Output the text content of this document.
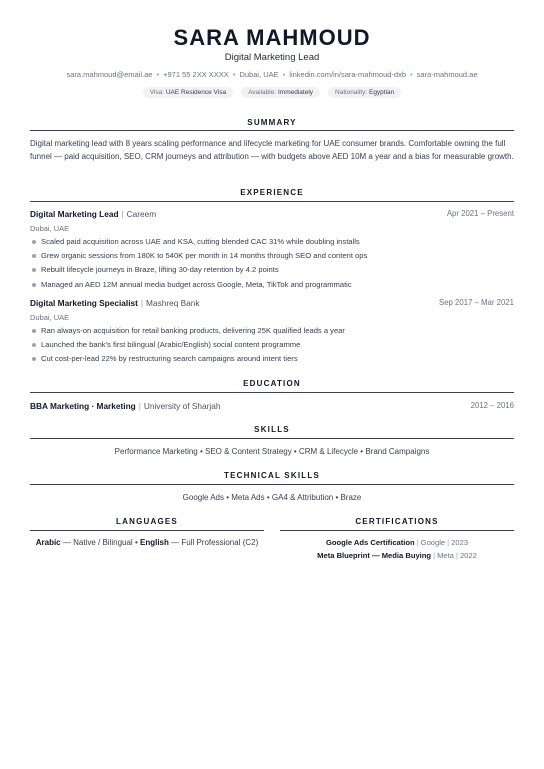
SARA MAHMOUD
Digital Marketing Lead
sara.mahmoud@email.ae • +971 55 2XX XXXX • Dubai, UAE • linkedin.com/in/sara-mahmoud-dxb • sara-mahmoud.ae
Visa: UAE Residence Visa	Available: Immediately	Nationality: Egyptian
SUMMARY
Digital marketing lead with 8 years scaling performance and lifecycle marketing for UAE consumer brands. Comfortable owning the full funnel — paid acquisition, SEO, CRM journeys and attribution — with budgets above AED 10M a year and a bias for measurable growth.
EXPERIENCE
Digital Marketing Lead | Careem	Apr 2021 – Present
Dubai, UAE
Scaled paid acquisition across UAE and KSA, cutting blended CAC 31% while doubling installs
Grew organic sessions from 180K to 540K per month in 14 months through SEO and content ops
Rebuilt lifecycle journeys in Braze, lifting 30-day retention by 4.2 points
Managed an AED 12M annual media budget across Google, Meta, TikTok and programmatic
Digital Marketing Specialist | Mashreq Bank	Sep 2017 – Mar 2021
Dubai, UAE
Ran always-on acquisition for retail banking products, delivering 25K qualified leads a year
Launched the bank's first bilingual (Arabic/English) social content programme
Cut cost-per-lead 22% by restructuring search campaigns around intent tiers
EDUCATION
BBA Marketing · Marketing | University of Sharjah	2012 – 2016
SKILLS
Performance Marketing • SEO & Content Strategy • CRM & Lifecycle • Brand Campaigns
TECHNICAL SKILLS
Google Ads • Meta Ads • GA4 & Attribution • Braze
LANGUAGES
Arabic — Native / Bilingual • English — Full Professional (C2)
CERTIFICATIONS
Google Ads Certification | Google | 2023
Meta Blueprint — Media Buying | Meta | 2022
